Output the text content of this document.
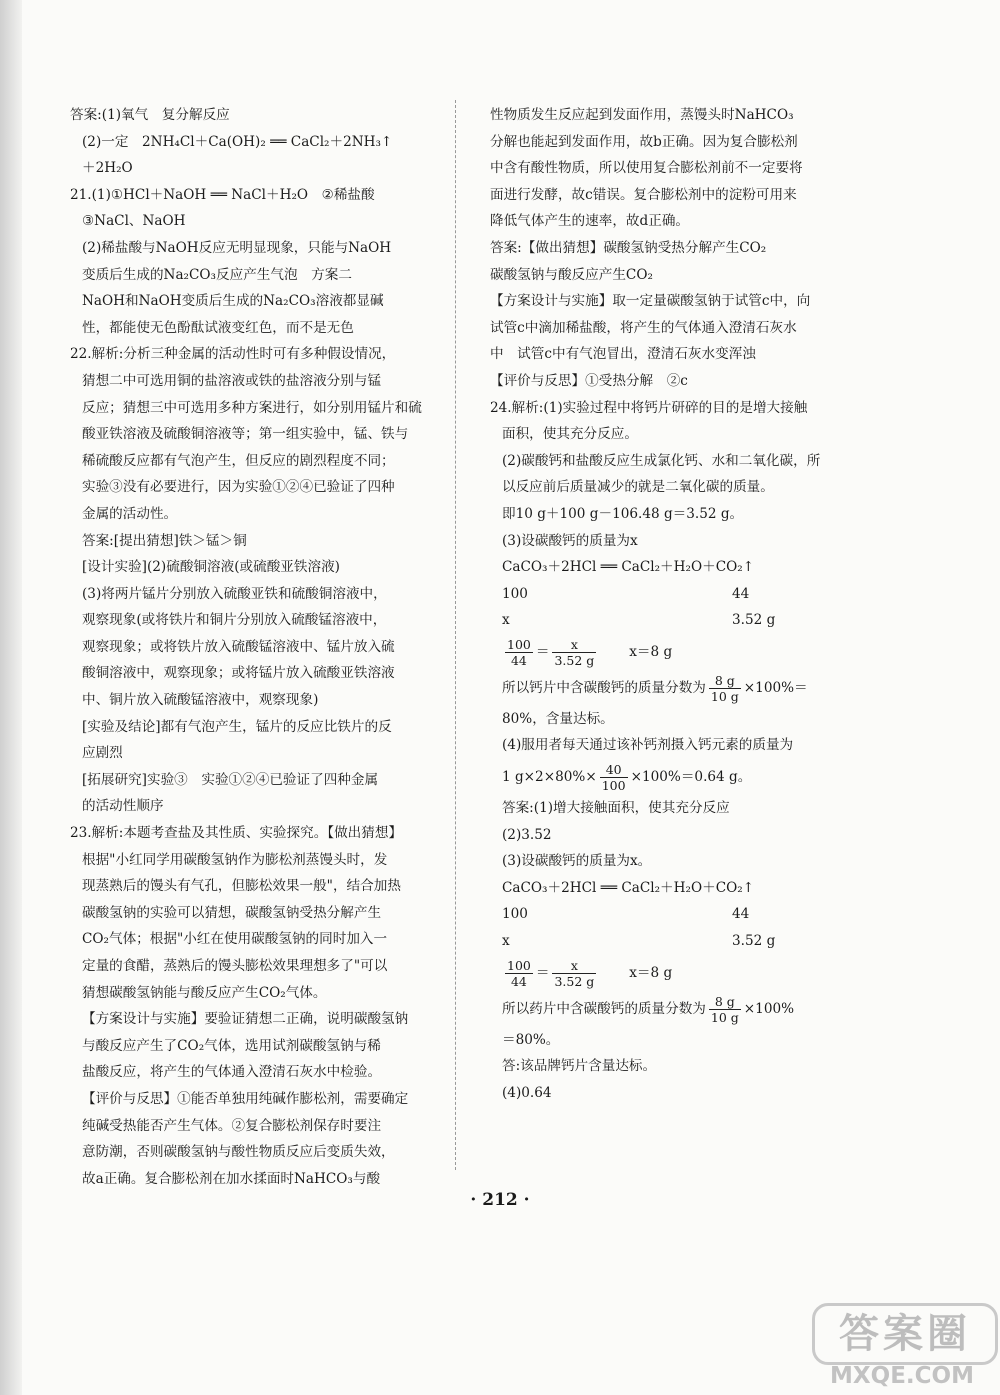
答案:(1)氧气　复分解反应

(2)一定　2NH₄Cl＋Ca(OH)₂ ══ CaCl₂＋2NH₃↑

＋2H₂O

21.(1)①HCl＋NaOH ══ NaCl＋H₂O　②稀盐酸

③NaCl、NaOH

(2)稀盐酸与NaOH反应无明显现象，只能与NaOH

变质后生成的Na₂CO₃反应产生气泡　方案二

NaOH和NaOH变质后生成的Na₂CO₃溶液都显碱

性，都能使无色酚酞试液变红色，而不是无色

22.解析:分析三种金属的活动性时可有多种假设情况，

猜想二中可选用铜的盐溶液或铁的盐溶液分别与锰

反应；猜想三中可选用多种方案进行，如分别用锰片和硫

酸亚铁溶液及硫酸铜溶液等；第一组实验中，锰、铁与

稀硫酸反应都有气泡产生，但反应的剧烈程度不同；

实验③没有必要进行，因为实验①②④已验证了四种

金属的活动性。

答案:[提出猜想]铁＞锰＞铜

[设计实验](2)硫酸铜溶液(或硫酸亚铁溶液)

(3)将两片锰片分别放入硫酸亚铁和硫酸铜溶液中，

观察现象(或将铁片和铜片分别放入硫酸锰溶液中，

观察现象；或将铁片放入硫酸锰溶液中、锰片放入硫

酸铜溶液中，观察现象；或将锰片放入硫酸亚铁溶液

中、铜片放入硫酸锰溶液中，观察现象)

[实验及结论]都有气泡产生，锰片的反应比铁片的反

应剧烈

[拓展研究]实验③　实验①②④已验证了四种金属

的活动性顺序

23.解析:本题考查盐及其性质、实验探究。【做出猜想】

根据"小红同学用碳酸氢钠作为膨松剂蒸馒头时，发

现蒸熟后的馒头有气孔，但膨松效果一般"，结合加热

碳酸氢钠的实验可以猜想，碳酸氢钠受热分解产生

CO₂气体；根据"小红在使用碳酸氢钠的同时加入一

定量的食醋，蒸熟后的馒头膨松效果理想多了"可以

猜想碳酸氢钠能与酸反应产生CO₂气体。

【方案设计与实施】要验证猜想二正确，说明碳酸氢钠

与酸反应产生了CO₂气体，选用试剂碳酸氢钠与稀

盐酸反应，将产生的气体通入澄清石灰水中检验。

【评价与反思】①能否单独用纯碱作膨松剂，需要确定

纯碱受热能否产生气体。②复合膨松剂保存时要注

意防潮，否则碳酸氢钠与酸性物质反应后变质失效，

故a正确。复合膨松剂在加水揉面时NaHCO₃与酸

性物质发生反应起到发面作用，蒸馒头时NaHCO₃

分解也能起到发面作用，故b正确。因为复合膨松剂

中含有酸性物质，所以使用复合膨松剂前不一定要将

面进行发酵，故c错误。复合膨松剂中的淀粉可用来

降低气体产生的速率，故d正确。

答案:【做出猜想】碳酸氢钠受热分解产生CO₂

碳酸氢钠与酸反应产生CO₂

【方案设计与实施】取一定量碳酸氢钠于试管c中，向

试管c中滴加稀盐酸，将产生的气体通入澄清石灰水

中　试管c中有气泡冒出，澄清石灰水变浑浊

【评价与反思】①受热分解　②c

24.解析:(1)实验过程中将钙片研碎的目的是增大接触

面积，使其充分反应。

(2)碳酸钙和盐酸反应生成氯化钙、水和二氧化碳，所

以反应前后质量减少的就是二氧化碳的质量。

即10 g＋100 g－106.48 g＝3.52 g。

(3)设碳酸钙的质量为x

CaCO₃＋2HCl ══ CaCl₂＋H₂O＋CO₂↑

100	44

x	3.52 g

$\frac{100}{44} = \frac{x}{3.52 g} x=8$ g

所以钙片中含碳酸钙的质量分数为 $\frac{8 g}{10 g} \times 100\%=$

80%，含量达标。

(4)服用者每天通过该补钙剂摄入钙元素的质量为

1 $g\times 2\times 80\%\times \frac{40}{100} \times 100\%=0.64$ g。

答案:(1)增大接触面积，使其充分反应

(2)3.52

(3)设碳酸钙的质量为x。

CaCO₃＋2HCl ══ CaCl₂＋H₂O＋CO₂↑

100	44

x	3.52 g

$\frac{100}{44} = \frac{x}{3.52 g} x=8$ g

所以药片中含碳酸钙的质量分数为 $\frac{8 g}{10 g} \times 100\%$

＝80%。

答:该品牌钙片含量达标。

(4)0.64

· 212 ·
答案圈
MXQE.COM
